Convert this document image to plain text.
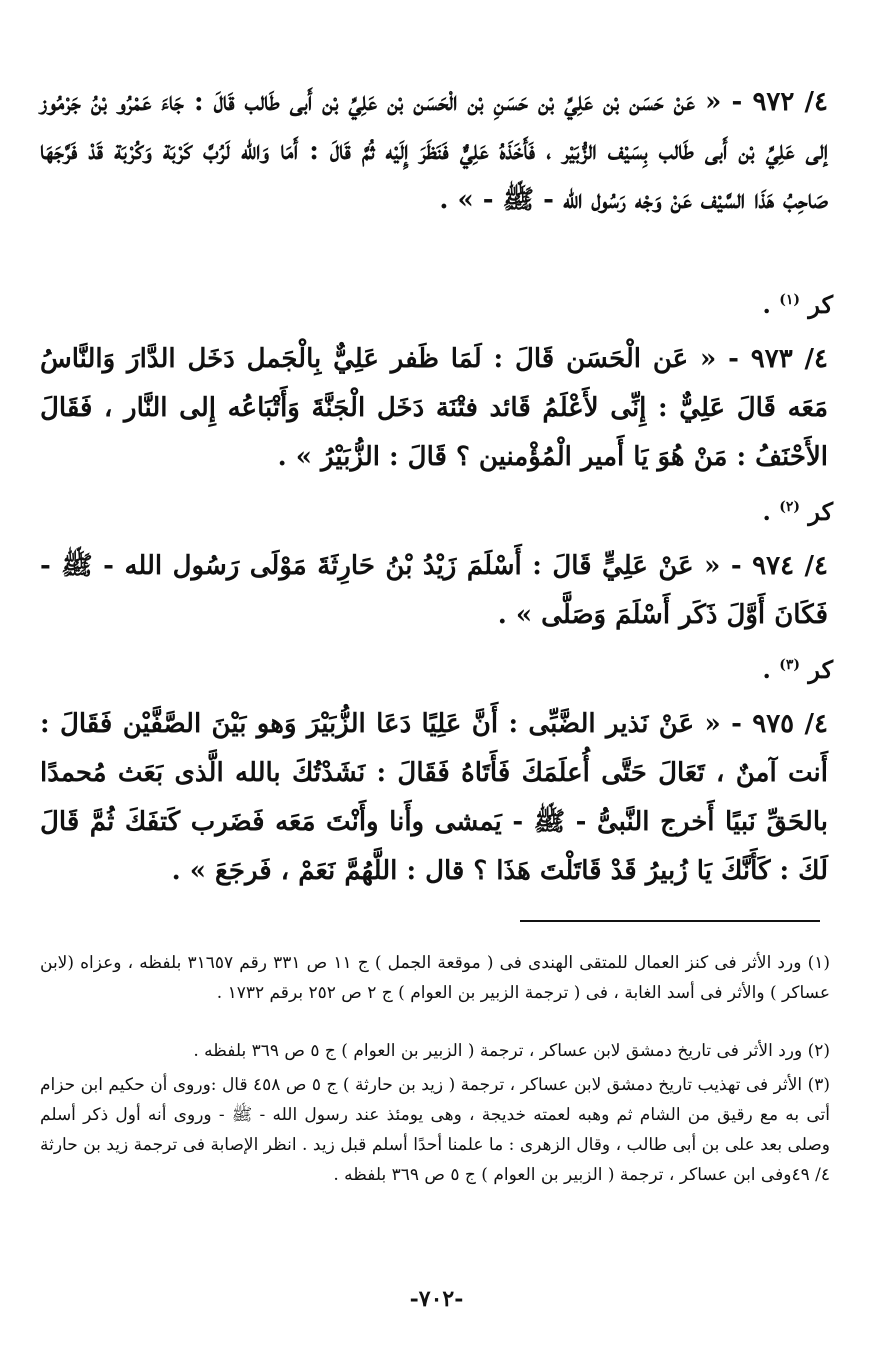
٤/ ٩٧٢ - « عَنْ حَسَن بْن عَلِيِّ بْن حَسَنِ بْن الْحَسَن بْن عَلِيِّ بْن أَبى طَالب قَالَ : جَاءَ عَمْرُو بْنُ جَرْمُوز إلى عَلِيِّ بْن أَبى طَالب بِسَيْف الزُّبَيْر ، فَأَخَذَهُ عَلِيٌّ فَنَظَرَ إِلَيْه ثُمَّ قَالَ : أَمَا وَالله لَرُبَّ كَرْبَة وَكُرْبَة قَدْ فَرَّجَهَا صَاحِبُ هَذَا السَّيْف عَنْ وَجْه رَسُول الله - ﷺ - » .
كر $^{(١)}$ .
٤/ ٩٧٣ - « عَن الْحَسَن قَالَ : لَمَا ظَفر عَلِيٌّ بِالْجَمل دَخَل الدَّارَ وَالنَّاسُ مَعَه قَالَ عَلِيٌّ : إِنِّى لأَعْلَمُ قَائد فتْنَة دَخَل الْجَنَّةَ وَأَتْبَاعُه إِلى النَّار ، فَقَالَ الأَحْنَفُ : مَنْ هُوَ يَا أَمير الْمُؤْمنين ؟ قَالَ : الزُّبَيْرُ » .
كر $^{(٢)}$ .
٤/ ٩٧٤ - « عَنْ عَلِيٍّ قَالَ : أَسْلَمَ زَيْدُ بْنُ حَارِثَةَ مَوْلَى رَسُول الله - ﷺ - فَكَانَ أَوَّلَ ذَكَر أَسْلَمَ وَصَلَّى » .
كر $^{(٣)}$ .
٤/ ٩٧٥ - « عَنْ نَذير الضَّبِّى : أَنَّ عَلِيًا دَعَا الزُّبَيْرَ وَهو بَيْنَ الصَّفَّيْن فَقَالَ : أَنت آمنٌ ، تَعَالَ حَتَّى أُعلَمَكَ فَأَتَاهُ فَقَالَ : نَشَدْتُكَ بالله الَّذى بَعَث مُحمدًا بالحَقِّ نَبيًا أَخرج النَّبىُّ - ﷺ - يَمشى وأَنا وأَنْتَ مَعَه فَضَرب كَتفَكَ ثُمَّ قَالَ لَكَ : كَأَنَّكَ يَا زُبيرُ قَدْ قَاتَلْتَ هَذَا ؟ قال : اللَّهُمَّ نَعَمْ ، فَرجَعَ » .
(١) ورد الأثر فى كنز العمال للمتقى الهندى فى ( موقعة الجمل ) ج ١١ ص ٣٣١ رقم ٣١٦٥٧ بلفظه ، وعزاه (لابن عساكر ) والأثر فى أسد الغابة ، فى ( ترجمة الزبير بن العوام ) ج ٢ ص ٢٥٢ برقم ١٧٣٢ .
(٢) ورد الأثر فى تاريخ دمشق لابن عساكر ، ترجمة ( الزبير بن العوام ) ج ٥ ص ٣٦٩ بلفظه .
(٣) الأثر فى تهذيب تاريخ دمشق لابن عساكر ، ترجمة ( زيد بن حارثة ) ج ٥ ص ٤٥٨ قال :وروى أن حكيم ابن حزام أتى به مع رقيق من الشام ثم وهبه لعمته خديجة ، وهى يومئذ عند رسول الله - ﷺ - وروى أنه أول ذكر أسلم وصلى بعد على بن أبى طالب ، وقال الزهرى : ما علمنا أحدًا أسلم قبل زيد . انظر الإصابة فى ترجمة زيد بن حارثة ٤/ ٤٩وفى ابن عساكر ، ترجمة ( الزبير بن العوام ) ج ٥ ص ٣٦٩ بلفظه .
-٧٠٢-
